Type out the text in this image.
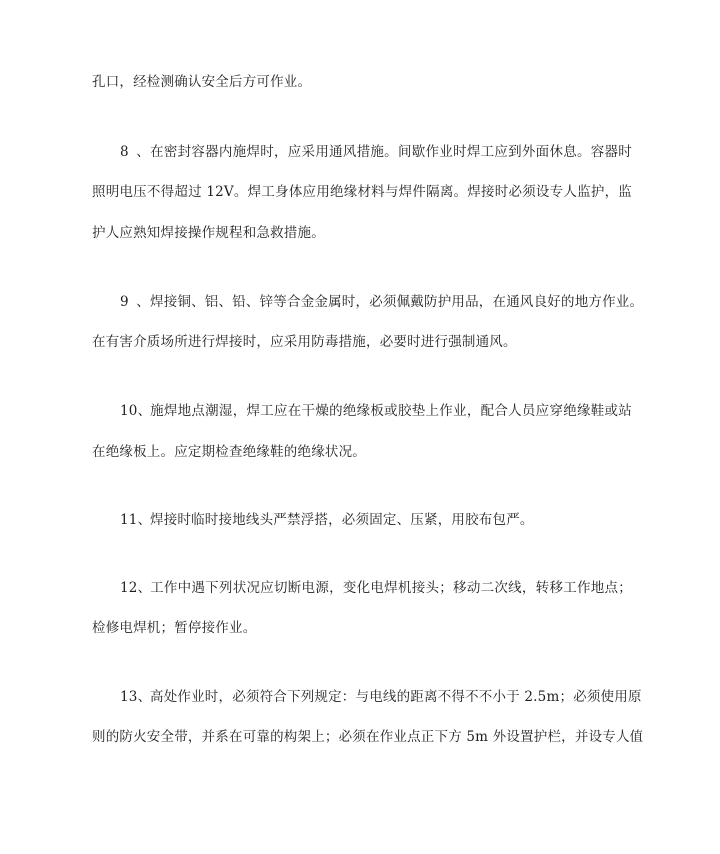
孔口，经检测确认安全后方可作业。
8、在密封容器内施焊时，应采用通风措施。间歇作业时焊工应到外面休息。容器时
照明电压不得超过 12V。焊工身体应用绝缘材料与焊件隔离。焊接时必须设专人监护，监
护人应熟知焊接操作规程和急救措施。
9、焊接铜、铝、铅、锌等合金金属时，必须佩戴防护用品，在通风良好的地方作业。
在有害介质场所进行焊接时，应采用防毒措施，必要时进行强制通风。
10、施焊地点潮湿，焊工应在干燥的绝缘板或胶垫上作业，配合人员应穿绝缘鞋或站
在绝缘板上。应定期检查绝缘鞋的绝缘状况。
11、焊接时临时接地线头严禁浮搭，必须固定、压紧，用胶布包严。
12、工作中遇下列状况应切断电源，变化电焊机接头；移动二次线，转移工作地点；
检修电焊机；暂停接作业。
13、高处作业时，必须符合下列规定：与电线的距离不得不不小于 2.5m；必须使用原
则的防火安全带，并系在可靠的构架上；必须在作业点正下方 5m 外设置护栏，并设专人值
